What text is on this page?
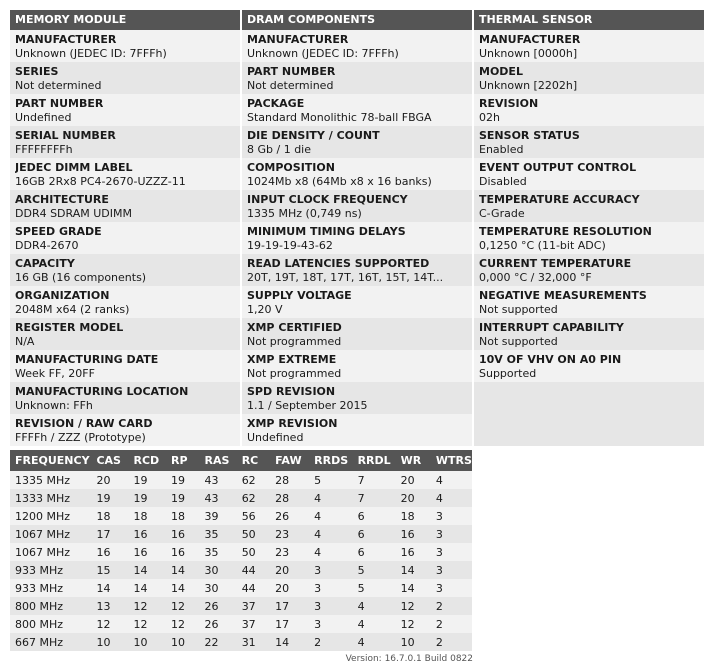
MEMORY MODULE
MANUFACTURER
Unknown (JEDEC ID: 7FFFh)
SERIES
Not determined
PART NUMBER
Undefined
SERIAL NUMBER
FFFFFFFFh
JEDEC DIMM LABEL
16GB 2Rx8 PC4-2670-UZZZ-11
ARCHITECTURE
DDR4 SDRAM UDIMM
SPEED GRADE
DDR4-2670
CAPACITY
16 GB (16 components)
ORGANIZATION
2048M x64 (2 ranks)
REGISTER MODEL
N/A
MANUFACTURING DATE
Week FF, 20FF
MANUFACTURING LOCATION
Unknown: FFh
REVISION / RAW CARD
FFFFh / ZZZ (Prototype)
DRAM COMPONENTS
MANUFACTURER
Unknown (JEDEC ID: 7FFFh)
PART NUMBER
Not determined
PACKAGE
Standard Monolithic 78-ball FBGA
DIE DENSITY / COUNT
8 Gb / 1 die
COMPOSITION
1024Mb x8 (64Mb x8 x 16 banks)
INPUT CLOCK FREQUENCY
1335 MHz (0,749 ns)
MINIMUM TIMING DELAYS
19-19-19-43-62
READ LATENCIES SUPPORTED
20T, 19T, 18T, 17T, 16T, 15T, 14T...
SUPPLY VOLTAGE
1,20 V
XMP CERTIFIED
Not programmed
XMP EXTREME
Not programmed
SPD REVISION
1.1 / September 2015
XMP REVISION
Undefined
THERMAL SENSOR
MANUFACTURER
Unknown [0000h]
MODEL
Unknown [2202h]
REVISION
02h
SENSOR STATUS
Enabled
EVENT OUTPUT CONTROL
Disabled
TEMPERATURE ACCURACY
C-Grade
TEMPERATURE RESOLUTION
0,1250 °C (11-bit ADC)
CURRENT TEMPERATURE
0,000 °C / 32,000 °F
NEGATIVE MEASUREMENTS
Not supported
INTERRUPT CAPABILITY
Not supported
10V OF VHV ON A0 PIN
Supported
FREQUENCY	CAS	RCD	RP	RAS	RC	FAW	RRDS	RRDL	WR	WTRS
1335 MHz	20	19	19	43	62	28	5	7	20	4
1333 MHz	19	19	19	43	62	28	4	7	20	4
1200 MHz	18	18	18	39	56	26	4	6	18	3
1067 MHz	17	16	16	35	50	23	4	6	16	3
1067 MHz	16	16	16	35	50	23	4	6	16	3
933 MHz	15	14	14	30	44	20	3	5	14	3
933 MHz	14	14	14	30	44	20	3	5	14	3
800 MHz	13	12	12	26	37	17	3	4	12	2
800 MHz	12	12	12	26	37	17	3	4	12	2
667 MHz	10	10	10	22	31	14	2	4	10	2
Version: 16.7.0.1 Build 0822
